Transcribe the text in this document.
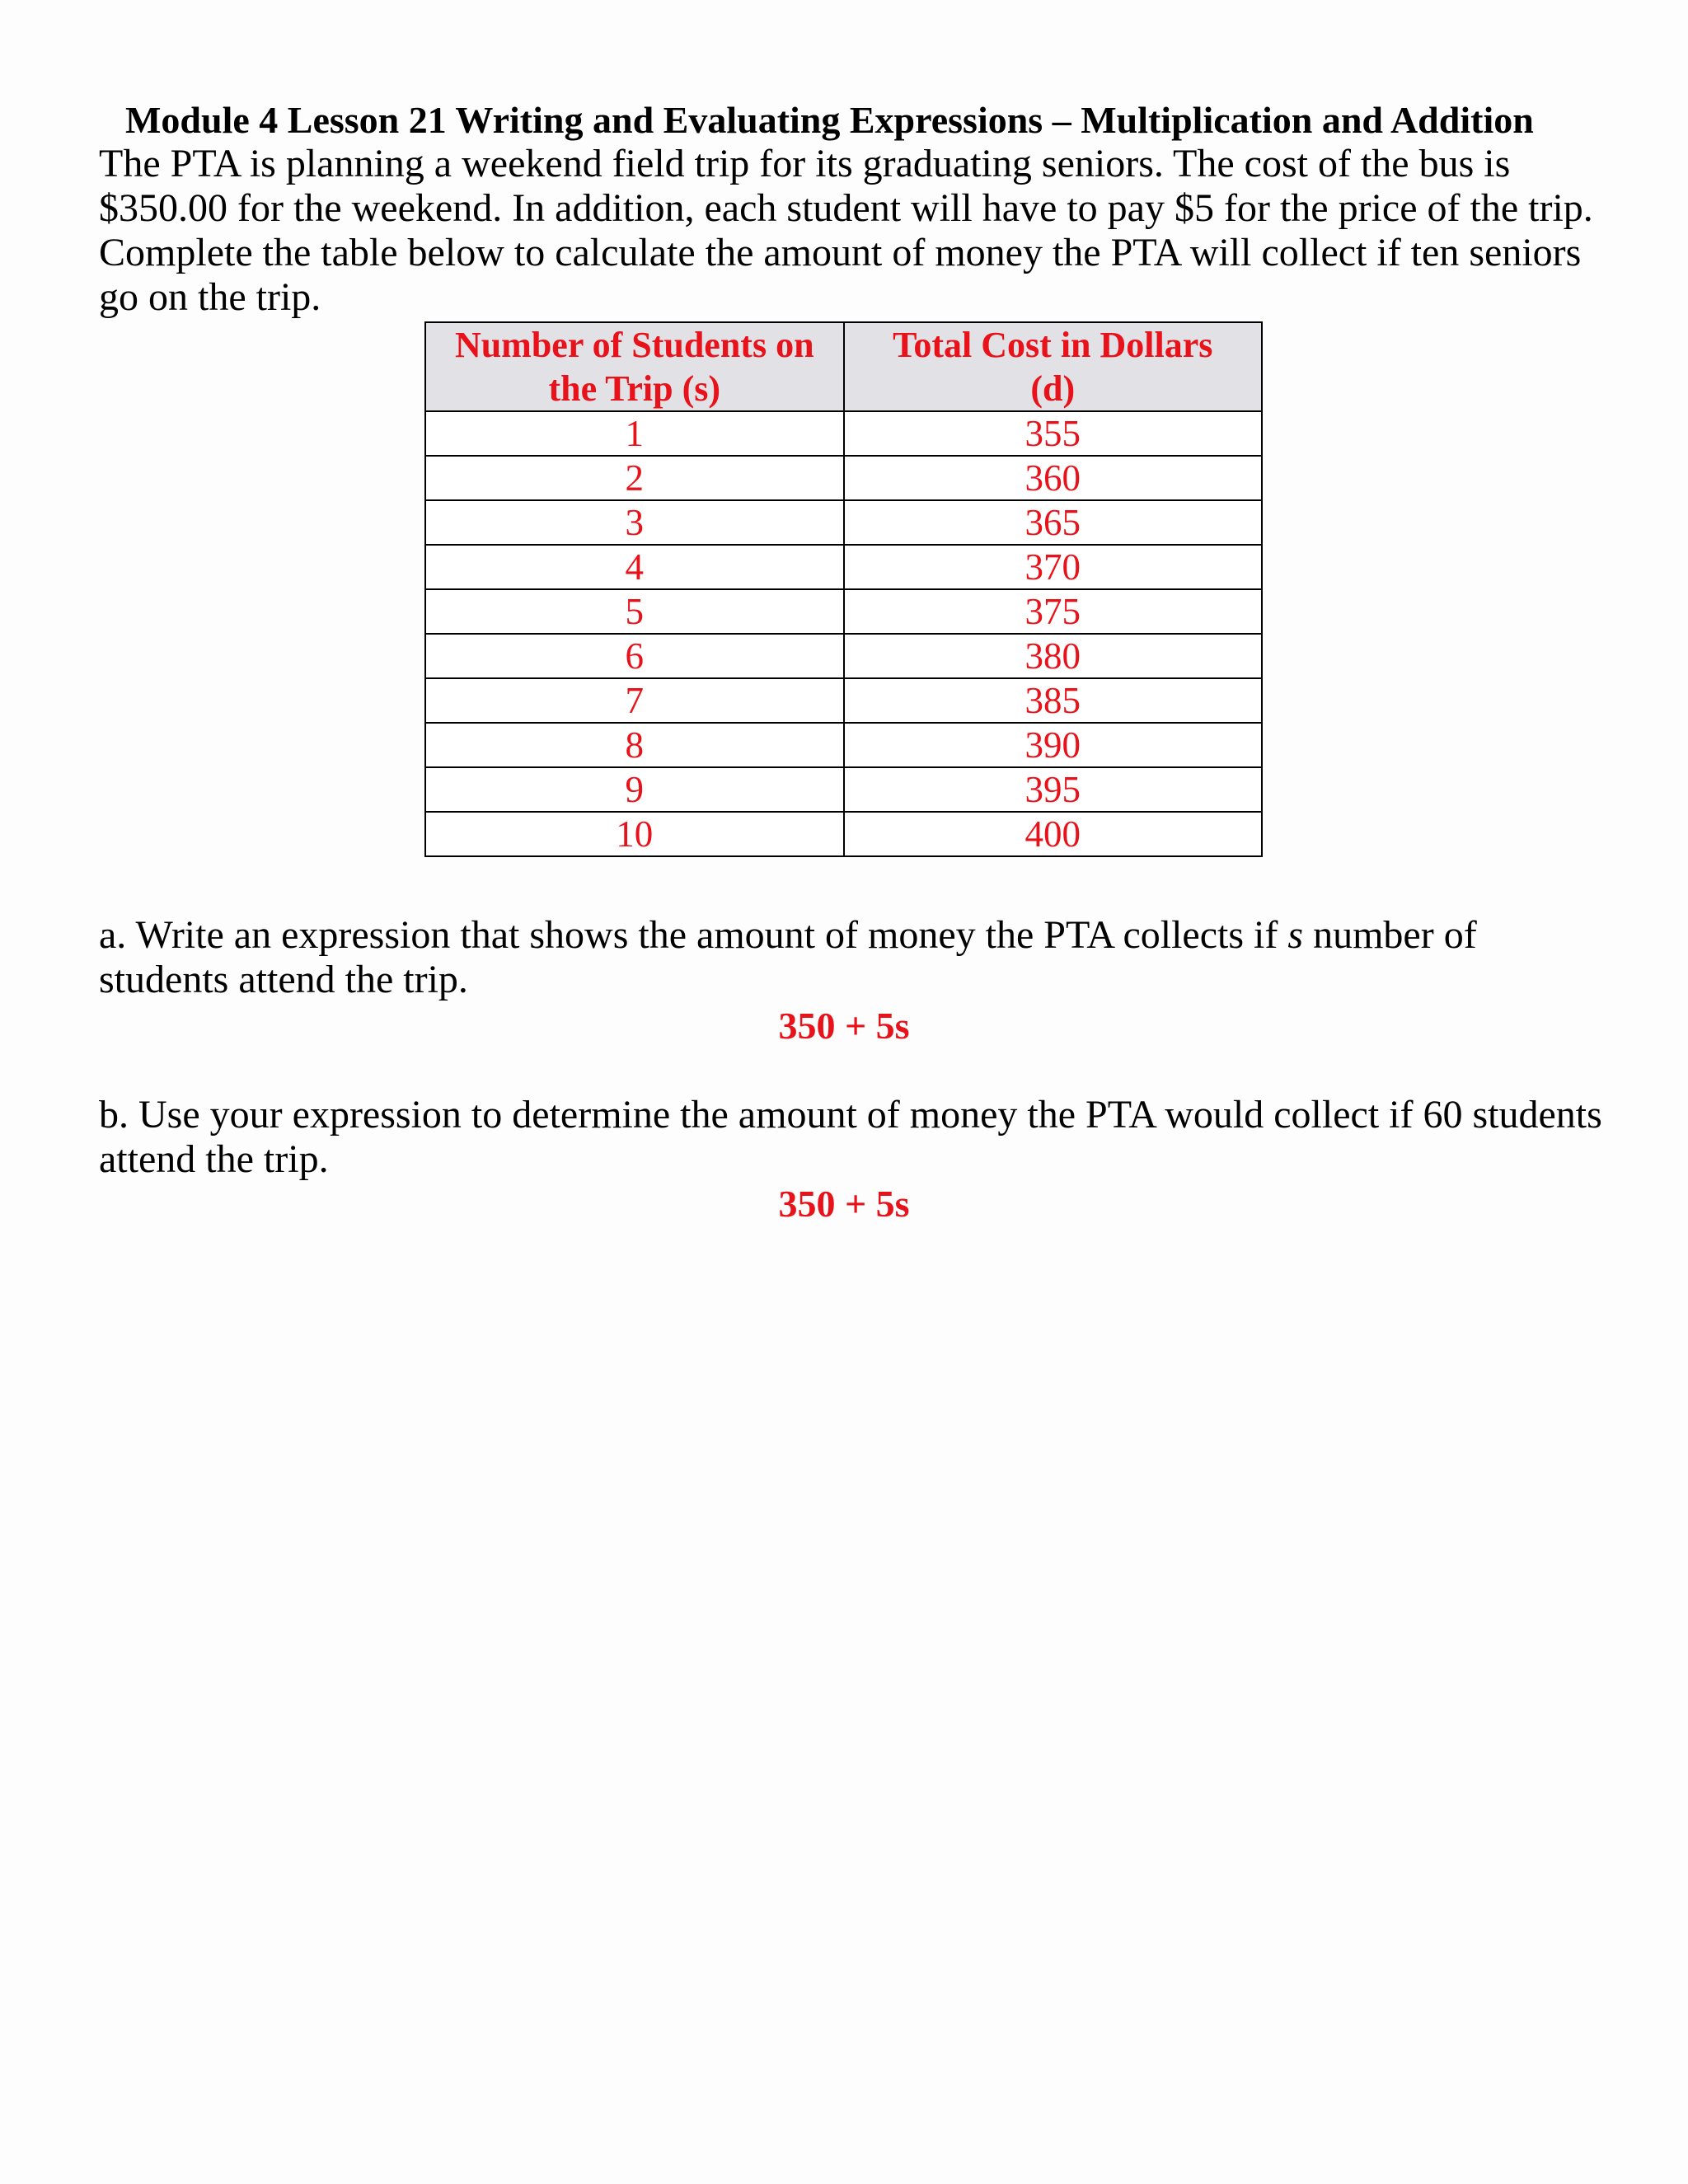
Module 4 Lesson 21 Writing and Evaluating Expressions – Multiplication and Addition
The PTA is planning a weekend field trip for its graduating seniors. The cost of the bus is
$350.00 for the weekend. In addition, each student will have to pay $5 for the price of the trip.
Complete the table below to calculate the amount of money the PTA will collect if ten seniors
go on the trip.
Number of Students on
the Trip (s)	Total Cost in Dollars
(d)
1	355
2	360
3	365
4	370
5	375
6	380
7	385
8	390
9	395
10	400
a. Write an expression that shows the amount of money the PTA collects if s number of
students attend the trip.
350 + 5s
b. Use your expression to determine the amount of money the PTA would collect if 60 students
attend the trip.
350 + 5s
